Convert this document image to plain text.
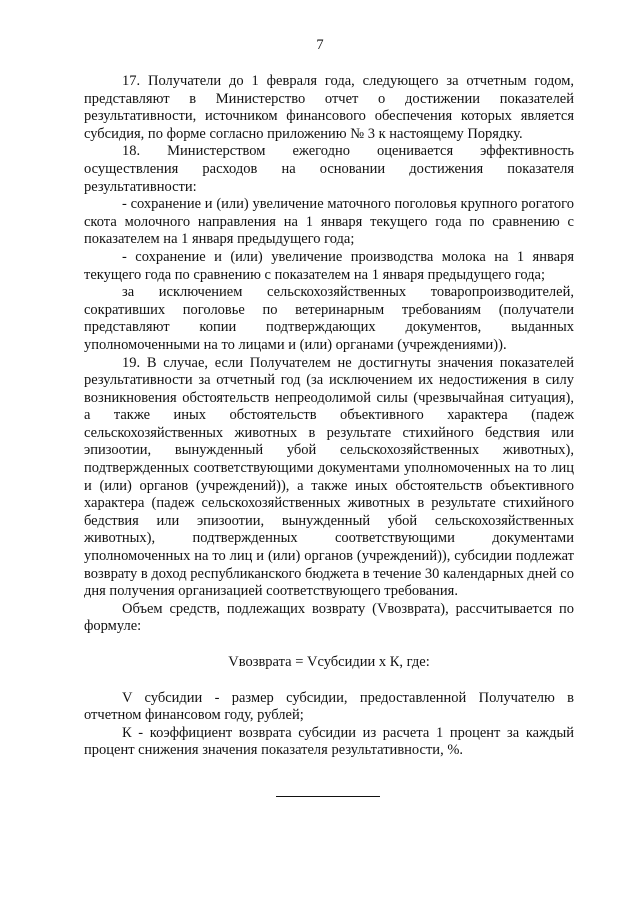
7

17. Получатели до 1 февраля года, следующего за отчетным годом, представляют в Министерство отчет о достижении показателей результативности, источником финансового обеспечения которых является субсидия, по форме согласно приложению № 3 к настоящему Порядку.

18. Министерством ежегодно оценивается эффективность осуществления расходов на основании достижения показателя результативности:

- сохранение и (или) увеличение маточного поголовья крупного рогатого скота молочного направления на 1 января текущего года по сравнению с показателем на 1 января предыдущего года;

- сохранение и (или) увеличение производства молока на 1 января текущего года по сравнению с показателем на 1 января предыдущего года;

за исключением сельскохозяйственных товаропроизводителей, сокративших поголовье по ветеринарным требованиям (получатели представляют копии подтверждающих документов, выданных уполномоченными на то лицами и (или) органами (учреждениями)).

19. В случае, если Получателем не достигнуты значения показателей результативности за отчетный год (за исключением их недостижения в силу возникновения обстоятельств непреодолимой силы (чрезвычайная ситуация), а также иных обстоятельств объективного характера (падеж сельскохозяйственных животных в результате стихийного бедствия или эпизоотии, вынужденный убой сельскохозяйственных животных), подтвержденных соответствующими документами уполномоченных на то лиц и (или) органов (учреждений)), а также иных обстоятельств объективного характера (падеж сельскохозяйственных животных в результате стихийного бедствия или эпизоотии, вынужденный убой сельскохозяйственных животных), подтвержденных соответствующими документами уполномоченных на то лиц и (или) органов (учреждений)), субсидии подлежат возврату в доход республиканского бюджета в течение 30 календарных дней со дня получения организацией соответствующего требования.

Объем средств, подлежащих возврату (Vвозврата), рассчитывается по формуле:

Vвозврата = Vсубсидии x К, где:

V субсидии - размер субсидии, предоставленной Получателю в отчетном финансовом году, рублей;

К - коэффициент возврата субсидии из расчета 1 процент за каждый процент снижения значения показателя результативности, %.
